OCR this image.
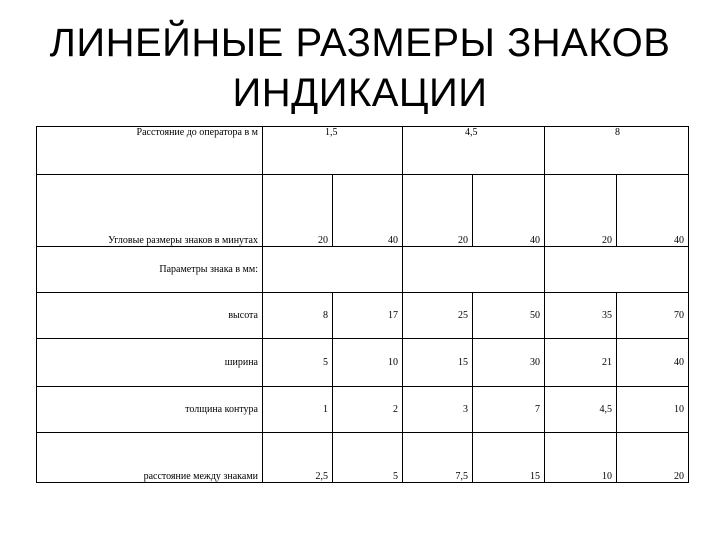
ЛИНЕЙНЫЕ РАЗМЕРЫ ЗНАКОВ
ИНДИКАЦИИ
Расстояние до оператора в м	1,5		4,5		8	
Угловые размеры знаков в минутах	20	40	20	40	20	40
Параметры знака в мм:						
высота	8	17	25	50	35	70
ширина	5	10	15	30	21	40
толщина контура	1	2	3	7	4,5	10
расстояние между знаками	2,5	5	7,5	15	10	20
